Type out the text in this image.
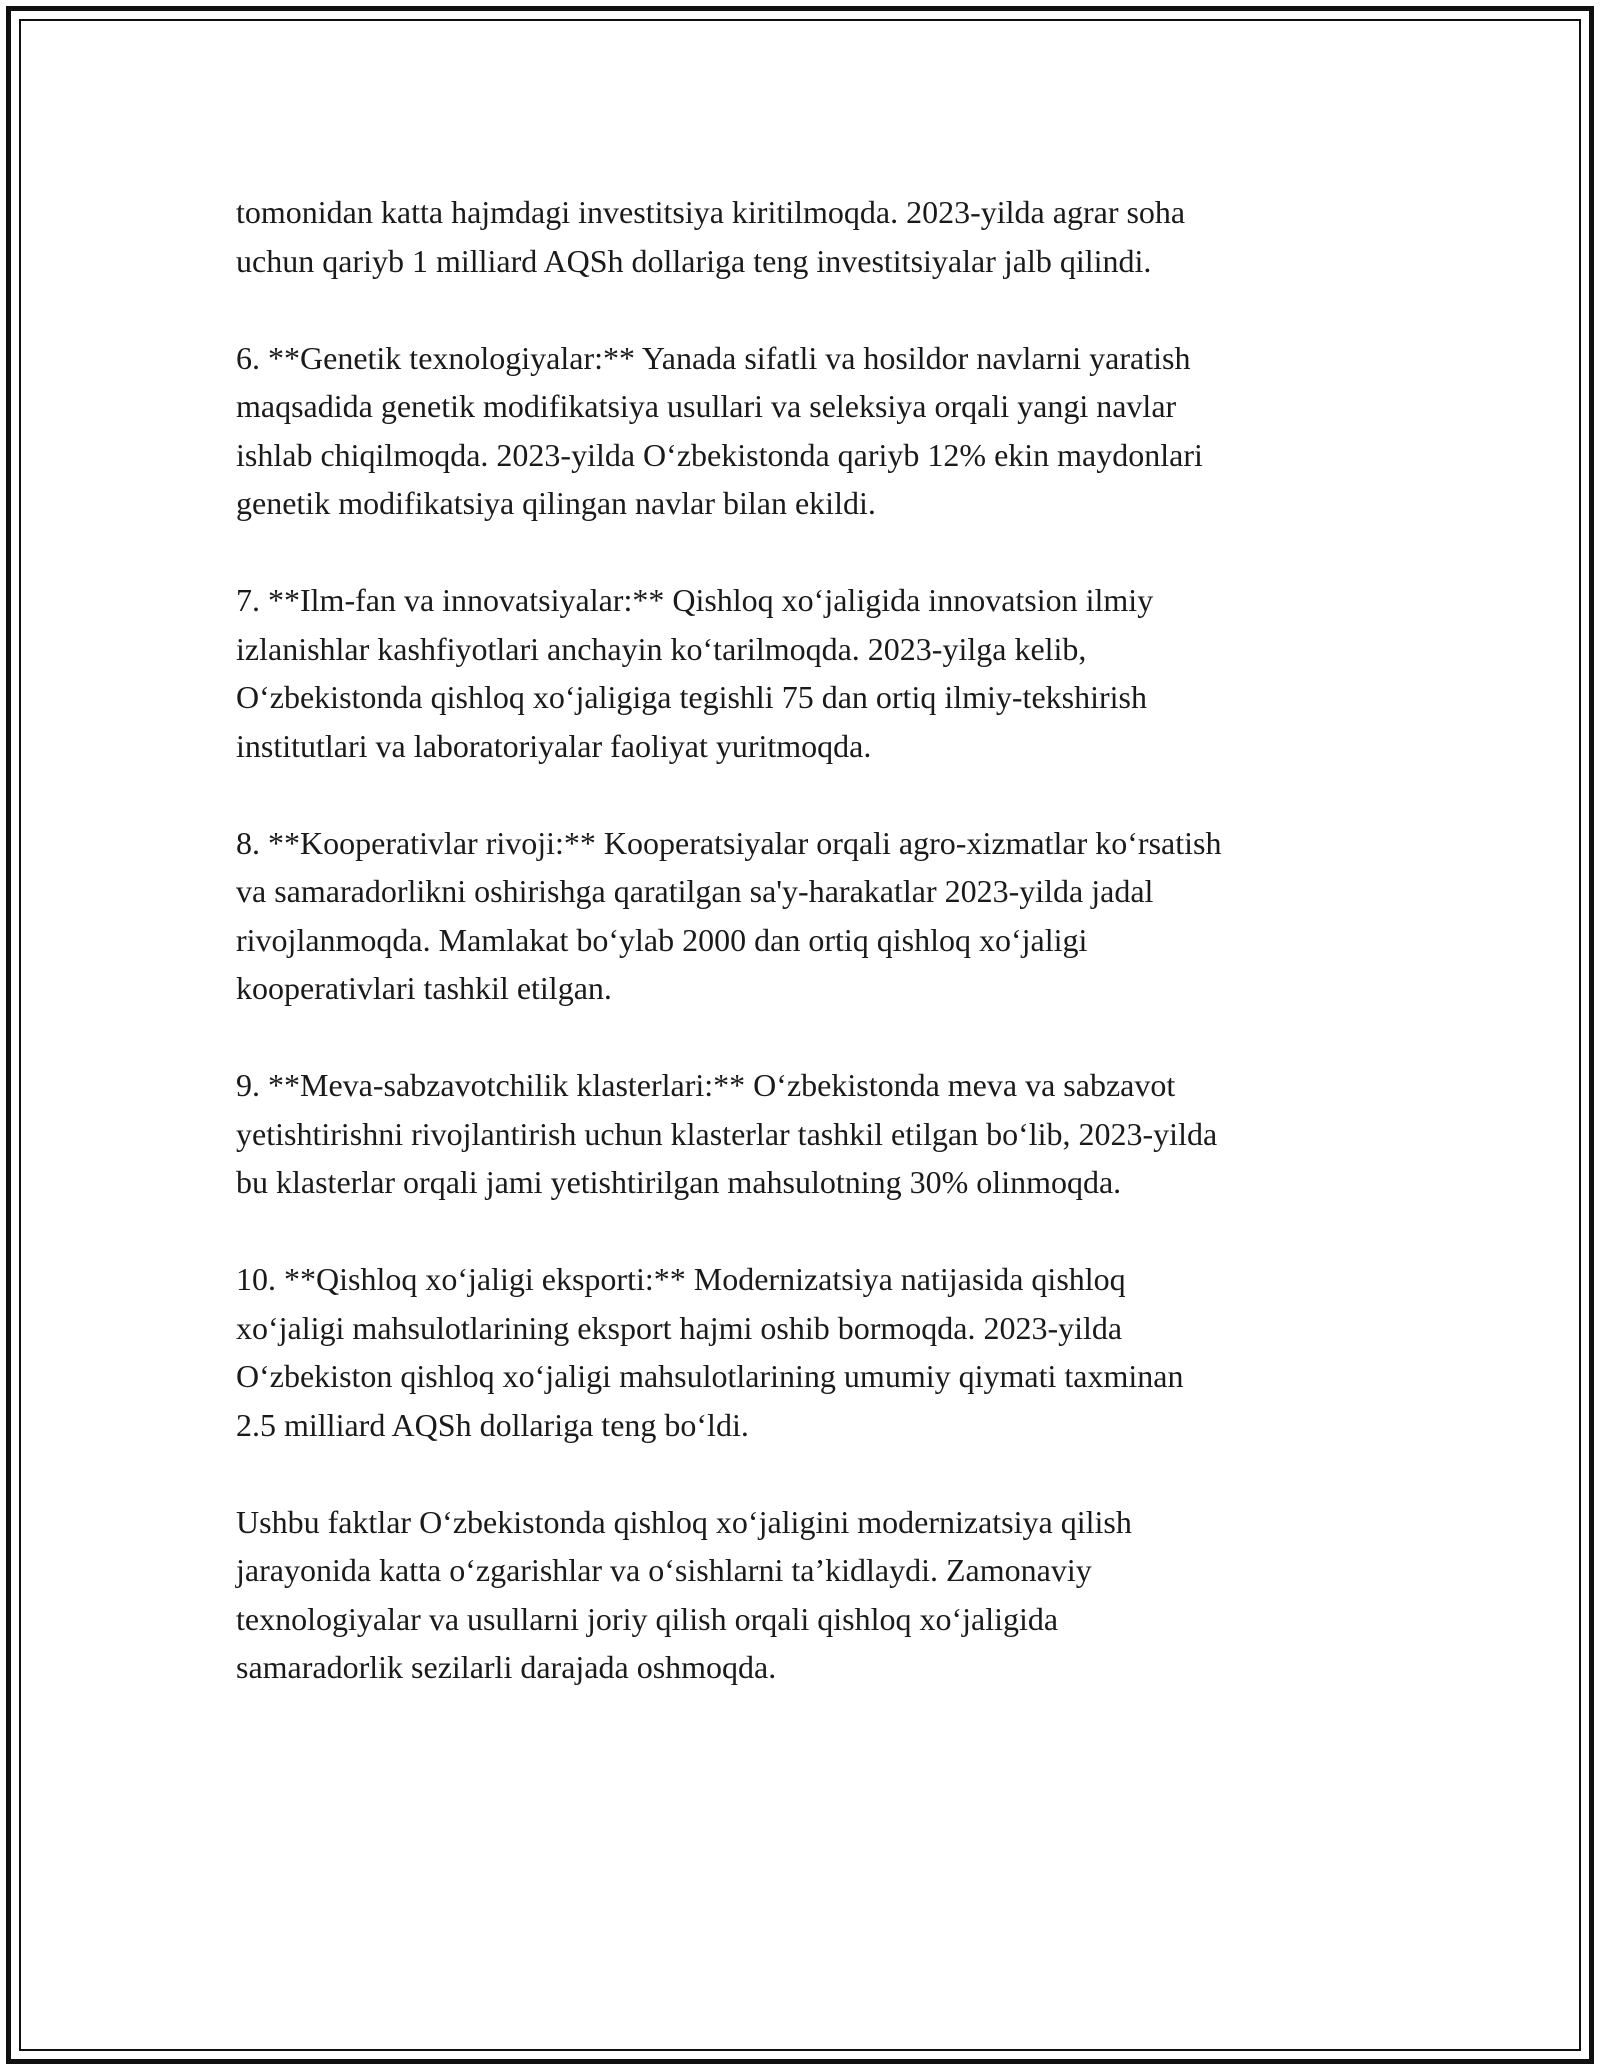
tomonidan katta hajmdagi investitsiya kiritilmoqda. 2023-yilda agrar soha
uchun qariyb 1 milliard AQSh dollariga teng investitsiyalar jalb qilindi.

6. **Genetik texnologiyalar:** Yanada sifatli va hosildor navlarni yaratish
maqsadida genetik modifikatsiya usullari va seleksiya orqali yangi navlar
ishlab chiqilmoqda. 2023-yilda Oʻzbekistonda qariyb 12% ekin maydonlari
genetik modifikatsiya qilingan navlar bilan ekildi.

7. **Ilm-fan va innovatsiyalar:** Qishloq xoʻjaligida innovatsion ilmiy
izlanishlar kashfiyotlari anchayin koʻtarilmoqda. 2023-yilga kelib,
Oʻzbekistonda qishloq xoʻjaligiga tegishli 75 dan ortiq ilmiy-tekshirish
institutlari va laboratoriyalar faoliyat yuritmoqda.

8. **Kooperativlar rivoji:** Kooperatsiyalar orqali agro-xizmatlar koʻrsatish
va samaradorlikni oshirishga qaratilgan sa'y-harakatlar 2023-yilda jadal
rivojlanmoqda. Mamlakat boʻylab 2000 dan ortiq qishloq xoʻjaligi
kooperativlari tashkil etilgan.

9. **Meva-sabzavotchilik klasterlari:** Oʻzbekistonda meva va sabzavot
yetishtirishni rivojlantirish uchun klasterlar tashkil etilgan boʻlib, 2023-yilda
bu klasterlar orqali jami yetishtirilgan mahsulotning 30% olinmoqda.

10. **Qishloq xoʻjaligi eksporti:** Modernizatsiya natijasida qishloq
xoʻjaligi mahsulotlarining eksport hajmi oshib bormoqda. 2023-yilda
Oʻzbekiston qishloq xoʻjaligi mahsulotlarining umumiy qiymati taxminan
2.5 milliard AQSh dollariga teng boʻldi.

Ushbu faktlar Oʻzbekistonda qishloq xoʻjaligini modernizatsiya qilish
jarayonida katta oʻzgarishlar va oʻsishlarni ta’kidlaydi. Zamonaviy
texnologiyalar va usullarni joriy qilish orqali qishloq xoʻjaligida
samaradorlik sezilarli darajada oshmoqda.
